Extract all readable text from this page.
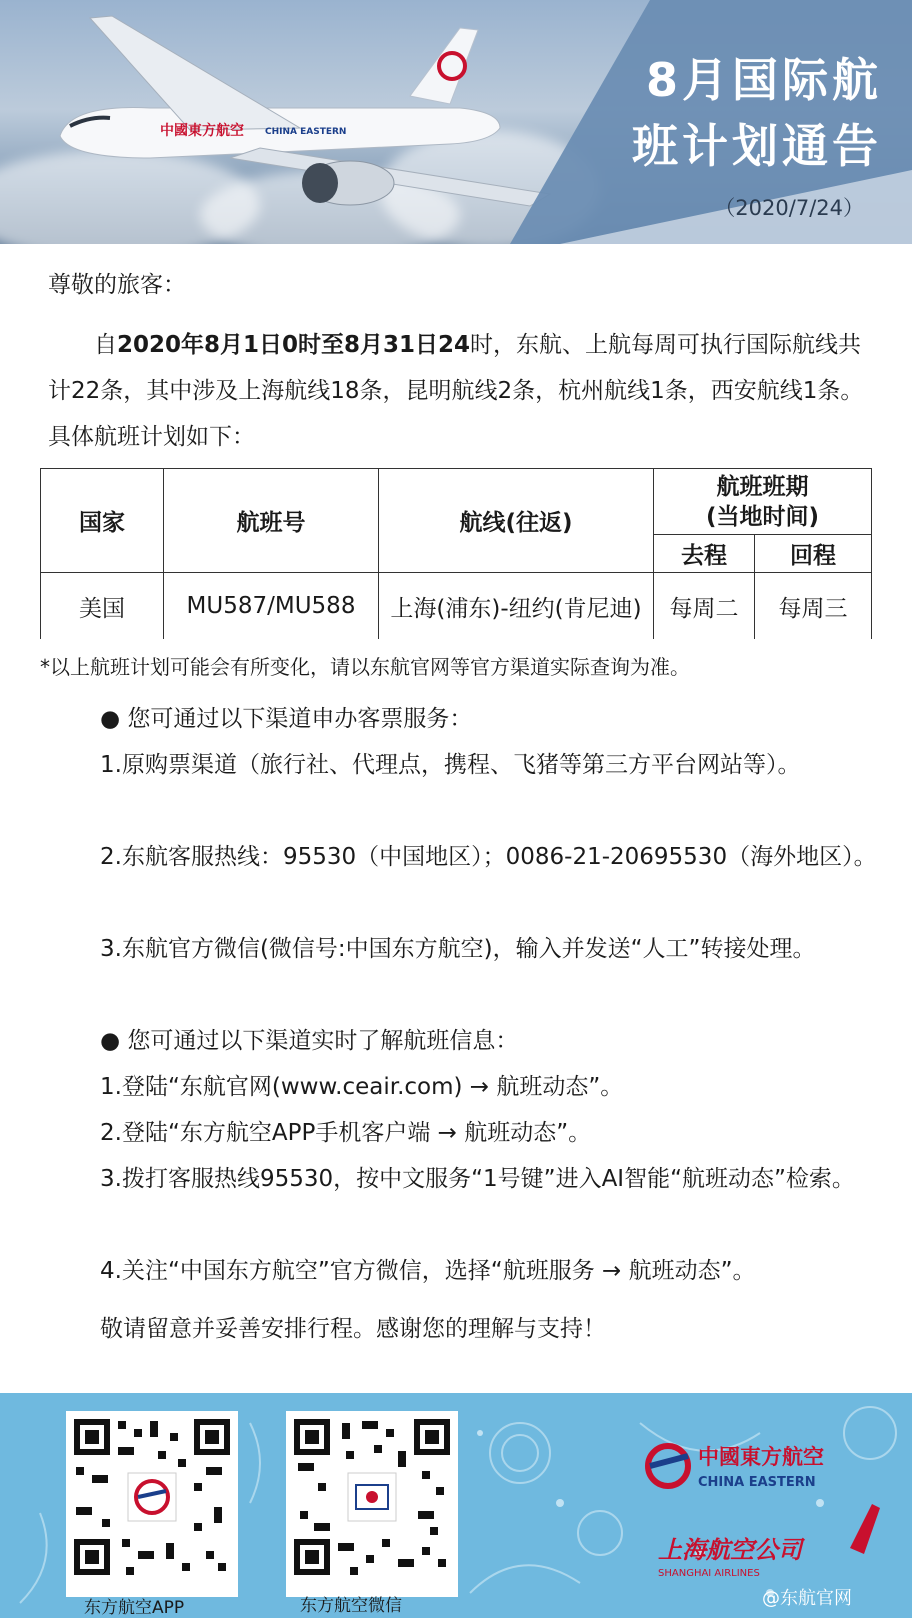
中國東方航空 CHINA EASTERN
8月国际航
班计划通告
（2020/7/24）

尊敬的旅客：

自2020年8月1日0时至8月31日24时，东航、上航每周可执行国际航线共计22条，其中涉及上海航线18条，昆明航线2条，杭州航线1条，西安航线1条。具体航班计划如下：

国家	航班号	航线(往返)	航班班期
(当地时间)	

			去程	回程
美国	MU587/MU588	上海(浦东)-纽约(肯尼迪)	每周二	每周三
*以上航班计划可能会有所变化，请以东航官网等官方渠道实际查询为准。

● 您可通过以下渠道申办客票服务：

1.原购票渠道（旅行社、代理点，携程、飞猪等第三方平台网站等）。

2.东航客服热线：95530（中国地区）；0086-21-20695530（海外地区）。

3.东航官方微信(微信号:中国东方航空)，输入并发送“人工”转接处理。

● 您可通过以下渠道实时了解航班信息：

1.登陆“东航官网(www.ceair.com) → 航班动态”。

2.登陆“东方航空APP手机客户端 → 航班动态”。

3.拨打客服热线95530，按中文服务“1号键”进入AI智能“航班动态”检索。

4.关注“中国东方航空”官方微信，选择“航班服务 → 航班动态”。

敬请留意并妥善安排行程。感谢您的理解与支持！

东方航空APP	东方航空微信
中國東方航空
CHINA EASTERN
上海航空公司
SHANGHAI AIRLINES
@东航官网
